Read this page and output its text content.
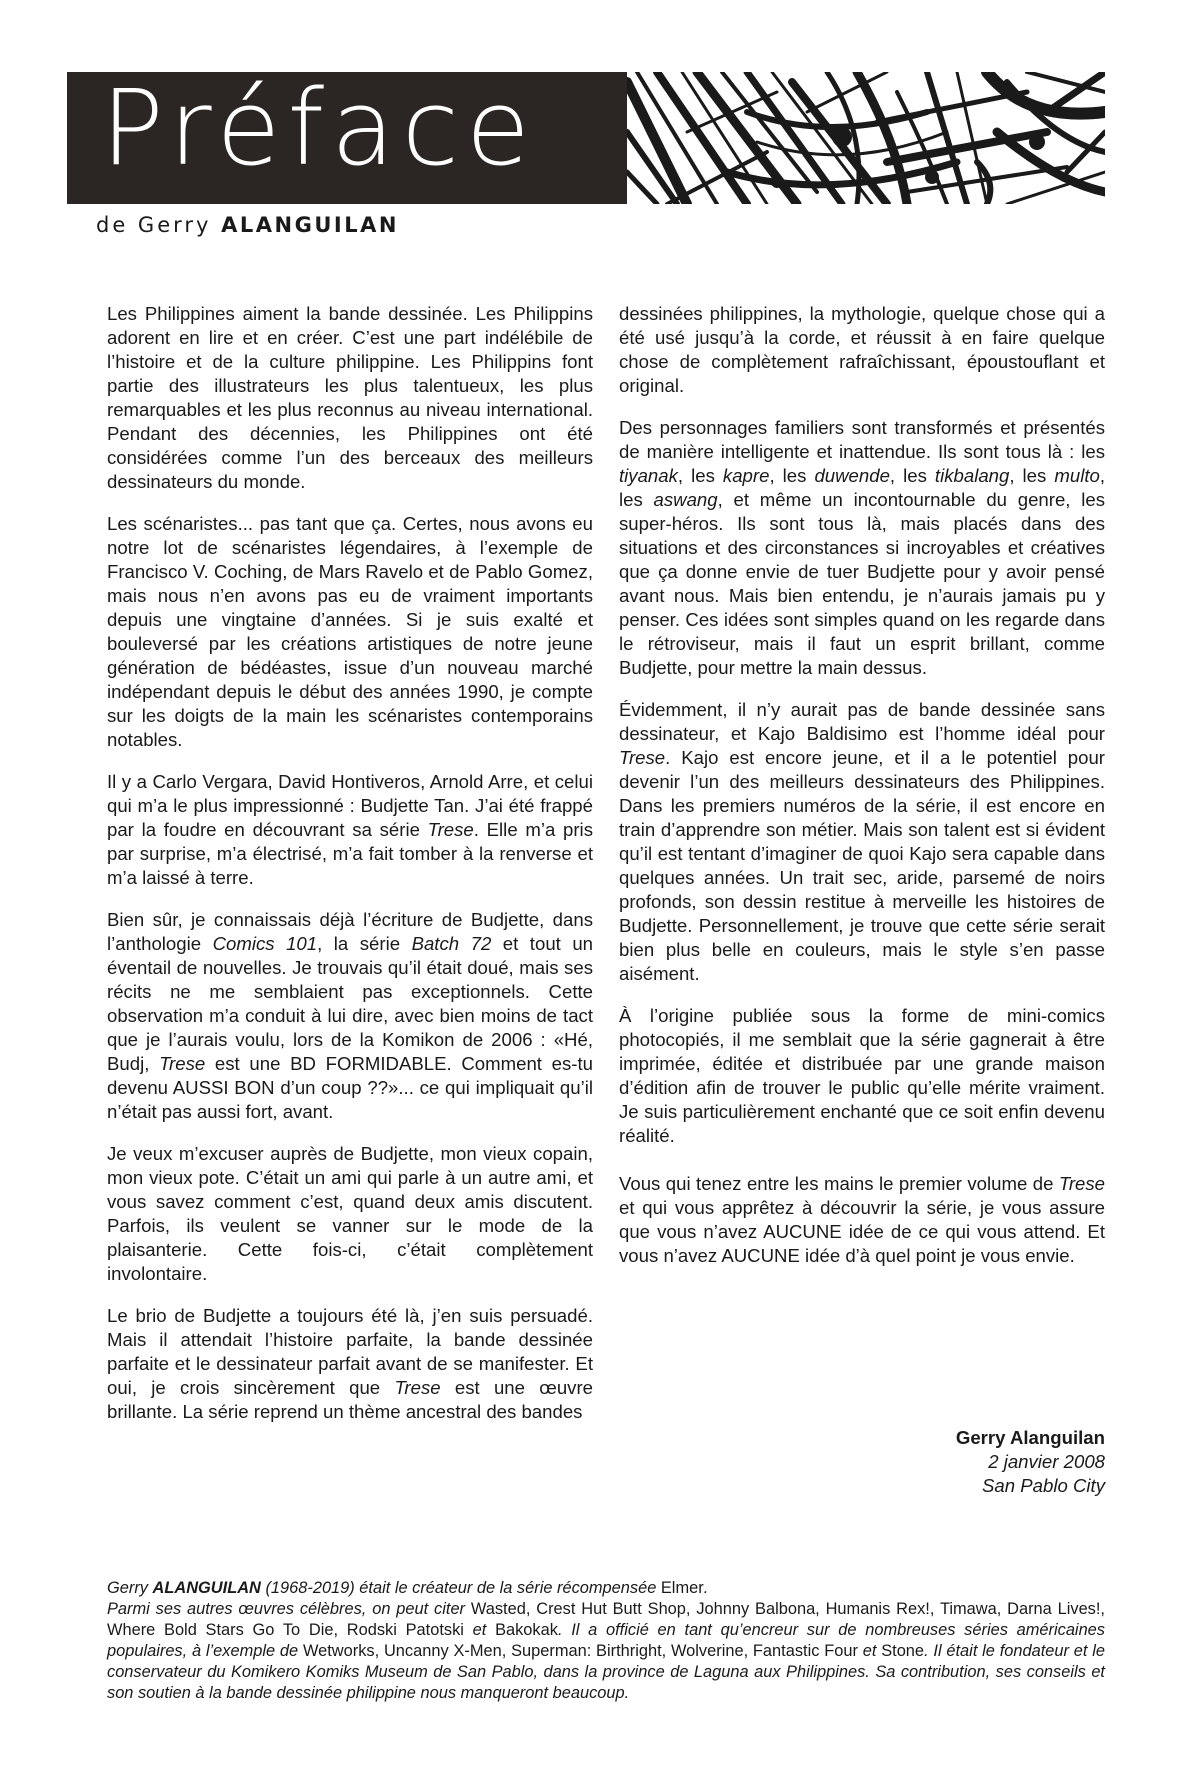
Préface
de Gerry ALANGUILAN

Les Philippines aiment la bande dessinée. Les Philippins adorent en lire et en créer. C’est une part indélébile de l’histoire et de la culture philippine. Les Philippins font partie des illustrateurs les plus talentueux, les plus remarquables et les plus reconnus au niveau international. Pendant des décennies, les Philippines ont été considérées comme l’un des berceaux des meilleurs dessinateurs du monde.

Les scénaristes... pas tant que ça. Certes, nous avons eu notre lot de scénaristes légendaires, à l’exemple de Francisco V. Coching, de Mars Ravelo et de Pablo Gomez, mais nous n’en avons pas eu de vraiment importants depuis une vingtaine d’années. Si je suis exalté et bouleversé par les créations artistiques de notre jeune génération de bédéastes, issue d’un nouveau marché indépendant depuis le début des années 1990, je compte sur les doigts de la main les scénaristes contemporains notables.

Il y a Carlo Vergara, David Hontiveros, Arnold Arre, et celui qui m’a le plus impressionné : Budjette Tan. J’ai été frappé par la foudre en découvrant sa série Trese. Elle m’a pris par surprise, m’a électrisé, m’a fait tomber à la renverse et m’a laissé à terre.

Bien sûr, je connaissais déjà l’écriture de Budjette, dans l’anthologie Comics 101, la série Batch 72 et tout un éventail de nouvelles. Je trouvais qu’il était doué, mais ses récits ne me semblaient pas exceptionnels. Cette observation m’a conduit à lui dire, avec bien moins de tact que je l’aurais voulu, lors de la Komikon de 2006 : «Hé, Budj, Trese est une BD FORMIDABLE. Comment es-tu devenu AUSSI BON d’un coup ??»... ce qui impliquait qu’il n’était pas aussi fort, avant.

Je veux m’excuser auprès de Budjette, mon vieux copain, mon vieux pote. C’était un ami qui parle à un autre ami, et vous savez comment c’est, quand deux amis discutent. Parfois, ils veulent se vanner sur le mode de la plaisanterie. Cette fois-ci, c’était complètement involontaire.

Le brio de Budjette a toujours été là, j’en suis persuadé. Mais il attendait l’histoire parfaite, la bande dessinée parfaite et le dessinateur parfait avant de se manifester. Et oui, je crois sincèrement que Trese est une œuvre brillante. La série reprend un thème ancestral des bandes

dessinées philippines, la mythologie, quelque chose qui a été usé jusqu’à la corde, et réussit à en faire quelque chose de complètement rafraîchissant, époustouflant et original.

Des personnages familiers sont transformés et présentés de manière intelligente et inattendue. Ils sont tous là : les tiyanak, les kapre, les duwende, les tikbalang, les multo, les aswang, et même un incontournable du genre, les super-héros. Ils sont tous là, mais placés dans des situations et des circonstances si incroyables et créatives que ça donne envie de tuer Budjette pour y avoir pensé avant nous. Mais bien entendu, je n’aurais jamais pu y penser. Ces idées sont simples quand on les regarde dans le rétroviseur, mais il faut un esprit brillant, comme Budjette, pour mettre la main dessus.

Évidemment, il n’y aurait pas de bande dessinée sans dessinateur, et Kajo Baldisimo est l’homme idéal pour Trese. Kajo est encore jeune, et il a le potentiel pour devenir l’un des meilleurs dessinateurs des Philippines. Dans les premiers numéros de la série, il est encore en train d’apprendre son métier. Mais son talent est si évident qu’il est tentant d’imaginer de quoi Kajo sera capable dans quelques années. Un trait sec, aride, parsemé de noirs profonds, son dessin restitue à merveille les histoires de Budjette. Personnellement, je trouve que cette série serait bien plus belle en couleurs, mais le style s’en passe aisément.

À l’origine publiée sous la forme de mini-comics photocopiés, il me semblait que la série gagnerait à être imprimée, éditée et distribuée par une grande maison d’édition afin de trouver le public qu’elle mérite vraiment. Je suis particulièrement enchanté que ce soit enfin devenu réalité.

Vous qui tenez entre les mains le premier volume de Trese et qui vous apprêtez à découvrir la série, je vous assure que vous n’avez AUCUNE idée de ce qui vous attend. Et vous n’avez AUCUNE idée d’à quel point je vous envie.

Gerry Alanguilan
2 janvier 2008
San Pablo City

Gerry ALANGUILAN (1968-2019) était le créateur de la série récompensée Elmer.

Parmi ses autres œuvres célèbres, on peut citer Wasted, Crest Hut Butt Shop, Johnny Balbona, Humanis Rex!, Timawa, Darna Lives!, Where Bold Stars Go To Die, Rodski Patotski et Bakokak. Il a officié en tant qu’encreur sur de nombreuses séries américaines populaires, à l’exemple de Wetworks, Uncanny X-Men, Superman: Birthright, Wolverine, Fantastic Four et Stone. Il était le fondateur et le conservateur du Komikero Komiks Museum de San Pablo, dans la province de Laguna aux Philippines. Sa contribution, ses conseils et son soutien à la bande dessinée philippine nous manqueront beaucoup.
